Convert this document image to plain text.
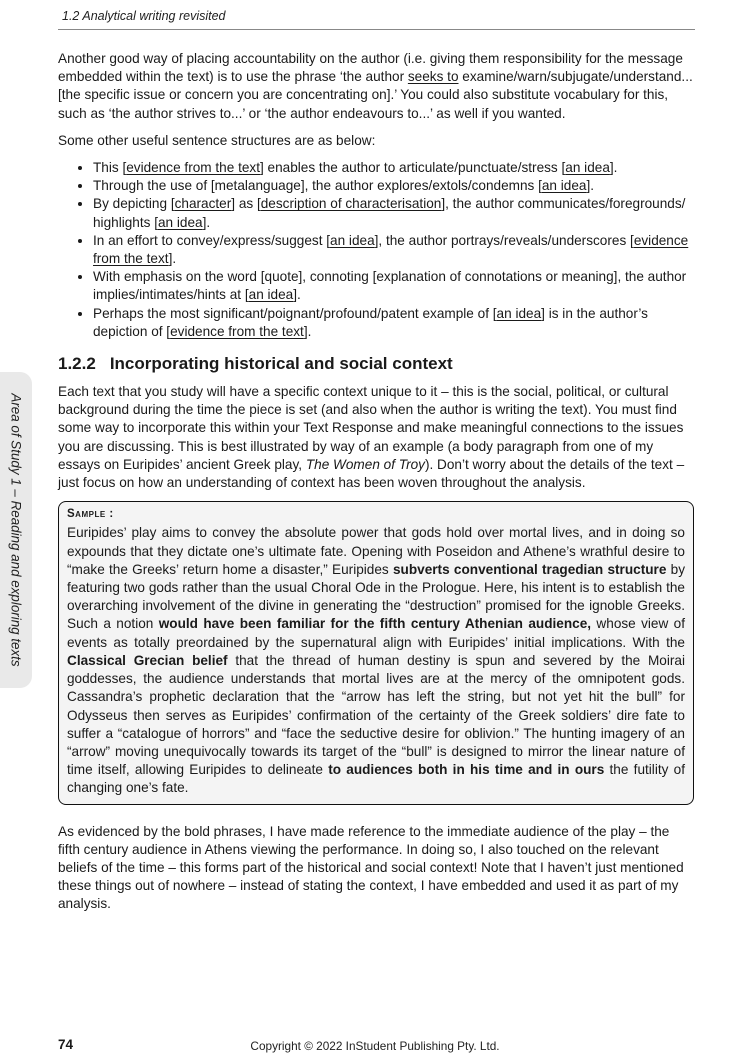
1.2 Analytical writing revisited
Area of Study 1 – Reading and exploring texts

Another good way of placing accountability on the author (i.e. giving them responsibility for the message embedded within the text) is to use the phrase ‘the author seeks to examine/warn/subjugate/understand... [the specific issue or concern you are concentrating on].’ You could also substitute vocabulary for this, such as ‘the author strives to...’ or ‘the author endeavours to...’ as well if you wanted.

Some other useful sentence structures are as below:

• This [evidence from the text] enables the author to articulate/punctuate/stress [an idea].
• Through the use of [metalanguage], the author explores/extols/condemns [an idea].
• By depicting [character] as [description of characterisation], the author communicates/foregrounds/ highlights [an idea].
• In an effort to convey/express/suggest [an idea], the author portrays/reveals/underscores [evidence from the text].
• With emphasis on the word [quote], connoting [explanation of connotations or meaning], the author implies/intimates/hints at [an idea].
• Perhaps the most significant/poignant/profound/patent example of [an idea] is in the author’s depiction of [evidence from the text].
1.2.2 Incorporating historical and social context

Each text that you study will have a specific context unique to it – this is the social, political, or cultural background during the time the piece is set (and also when the author is writing the text). You must find some way to incorporate this within your Text Response and make meaningful connections to the issues you are discussing. This is best illustrated by way of an example (a body paragraph from one of my essays on Euripides’ ancient Greek play, The Women of Troy). Don’t worry about the details of the text – just focus on how an understanding of context has been woven throughout the analysis.

Sample :
Euripides’ play aims to convey the absolute power that gods hold over mortal lives, and in doing so expounds that they dictate one’s ultimate fate. Opening with Poseidon and Athene’s wrathful desire to “make the Greeks’ return home a disaster,” Euripides subverts conventional tragedian structure by featuring two gods rather than the usual Choral Ode in the Prologue. Here, his intent is to establish the overarching involvement of the divine in generating the “destruction” promised for the ignoble Greeks. Such a notion would have been familiar for the fifth century Athenian audience, whose view of events as totally preordained by the supernatural align with Euripides’ initial implications. With the Classical Grecian belief that the thread of human destiny is spun and severed by the Moirai goddesses, the audience understands that mortal lives are at the mercy of the omnipotent gods. Cassandra’s prophetic declaration that the “arrow has left the string, but not yet hit the bull” for Odysseus then serves as Euripides’ confirmation of the certainty of the Greek soldiers’ dire fate to suffer a “catalogue of horrors” and “face the seductive desire for oblivion.” The hunting imagery of an “arrow” moving unequivocally towards its target of the “bull” is designed to mirror the linear nature of time itself, allowing Euripides to delineate to audiences both in his time and in ours the futility of changing one’s fate.

As evidenced by the bold phrases, I have made reference to the immediate audience of the play – the fifth century audience in Athens viewing the performance. In doing so, I also touched on the relevant beliefs of the time – this forms part of the historical and social context! Note that I haven’t just mentioned these things out of nowhere – instead of stating the context, I have embedded and used it as part of my analysis.

74	Copyright © 2022 InStudent Publishing Pty. Ltd.
